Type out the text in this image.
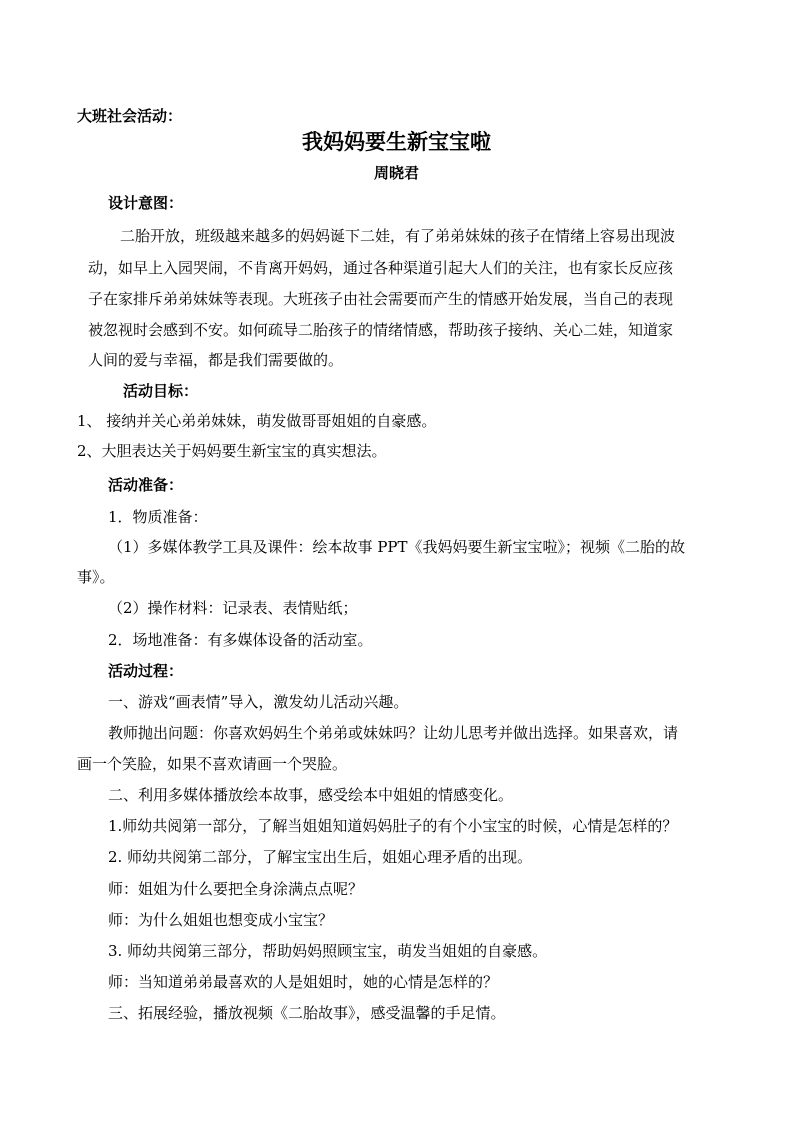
大班社会活动：
我妈妈要生新宝宝啦
周晓君
设计意图：
二胎开放，班级越来越多的妈妈诞下二娃，有了弟弟妹妹的孩子在情绪上容易出现波
动，如早上入园哭闹，不肯离开妈妈，通过各种渠道引起大人们的关注，也有家长反应孩
子在家排斥弟弟妹妹等表现。大班孩子由社会需要而产生的情感开始发展，当自己的表现
被忽视时会感到不安。如何疏导二胎孩子的情绪情感，帮助孩子接纳、关心二娃，知道家
人间的爱与幸福，都是我们需要做的。
活动目标：
1、 接纳并关心弟弟妹妹，萌发做哥哥姐姐的自豪感。
2、大胆表达关于妈妈要生新宝宝的真实想法。
活动准备：
1．物质准备：
（1）多媒体教学工具及课件：绘本故事 PPT《我妈妈要生新宝宝啦》；视频《二胎的故
事》。
（2）操作材料：记录表、表情贴纸；
2．场地准备：有多媒体设备的活动室。
活动过程：
一、游戏“画表情”导入，激发幼儿活动兴趣。
教师抛出问题：你喜欢妈妈生个弟弟或妹妹吗？让幼儿思考并做出选择。如果喜欢，请
画一个笑脸，如果不喜欢请画一个哭脸。
二、利用多媒体播放绘本故事，感受绘本中姐姐的情感变化。
1.师幼共阅第一部分，了解当姐姐知道妈妈肚子的有个小宝宝的时候，心情是怎样的？
2. 师幼共阅第二部分，了解宝宝出生后，姐姐心理矛盾的出现。
师：姐姐为什么要把全身涂满点点呢？
师：为什么姐姐也想变成小宝宝？
3. 师幼共阅第三部分，帮助妈妈照顾宝宝，萌发当姐姐的自豪感。
师：当知道弟弟最喜欢的人是姐姐时，她的心情是怎样的？
三、拓展经验，播放视频《二胎故事》，感受温馨的手足情。
